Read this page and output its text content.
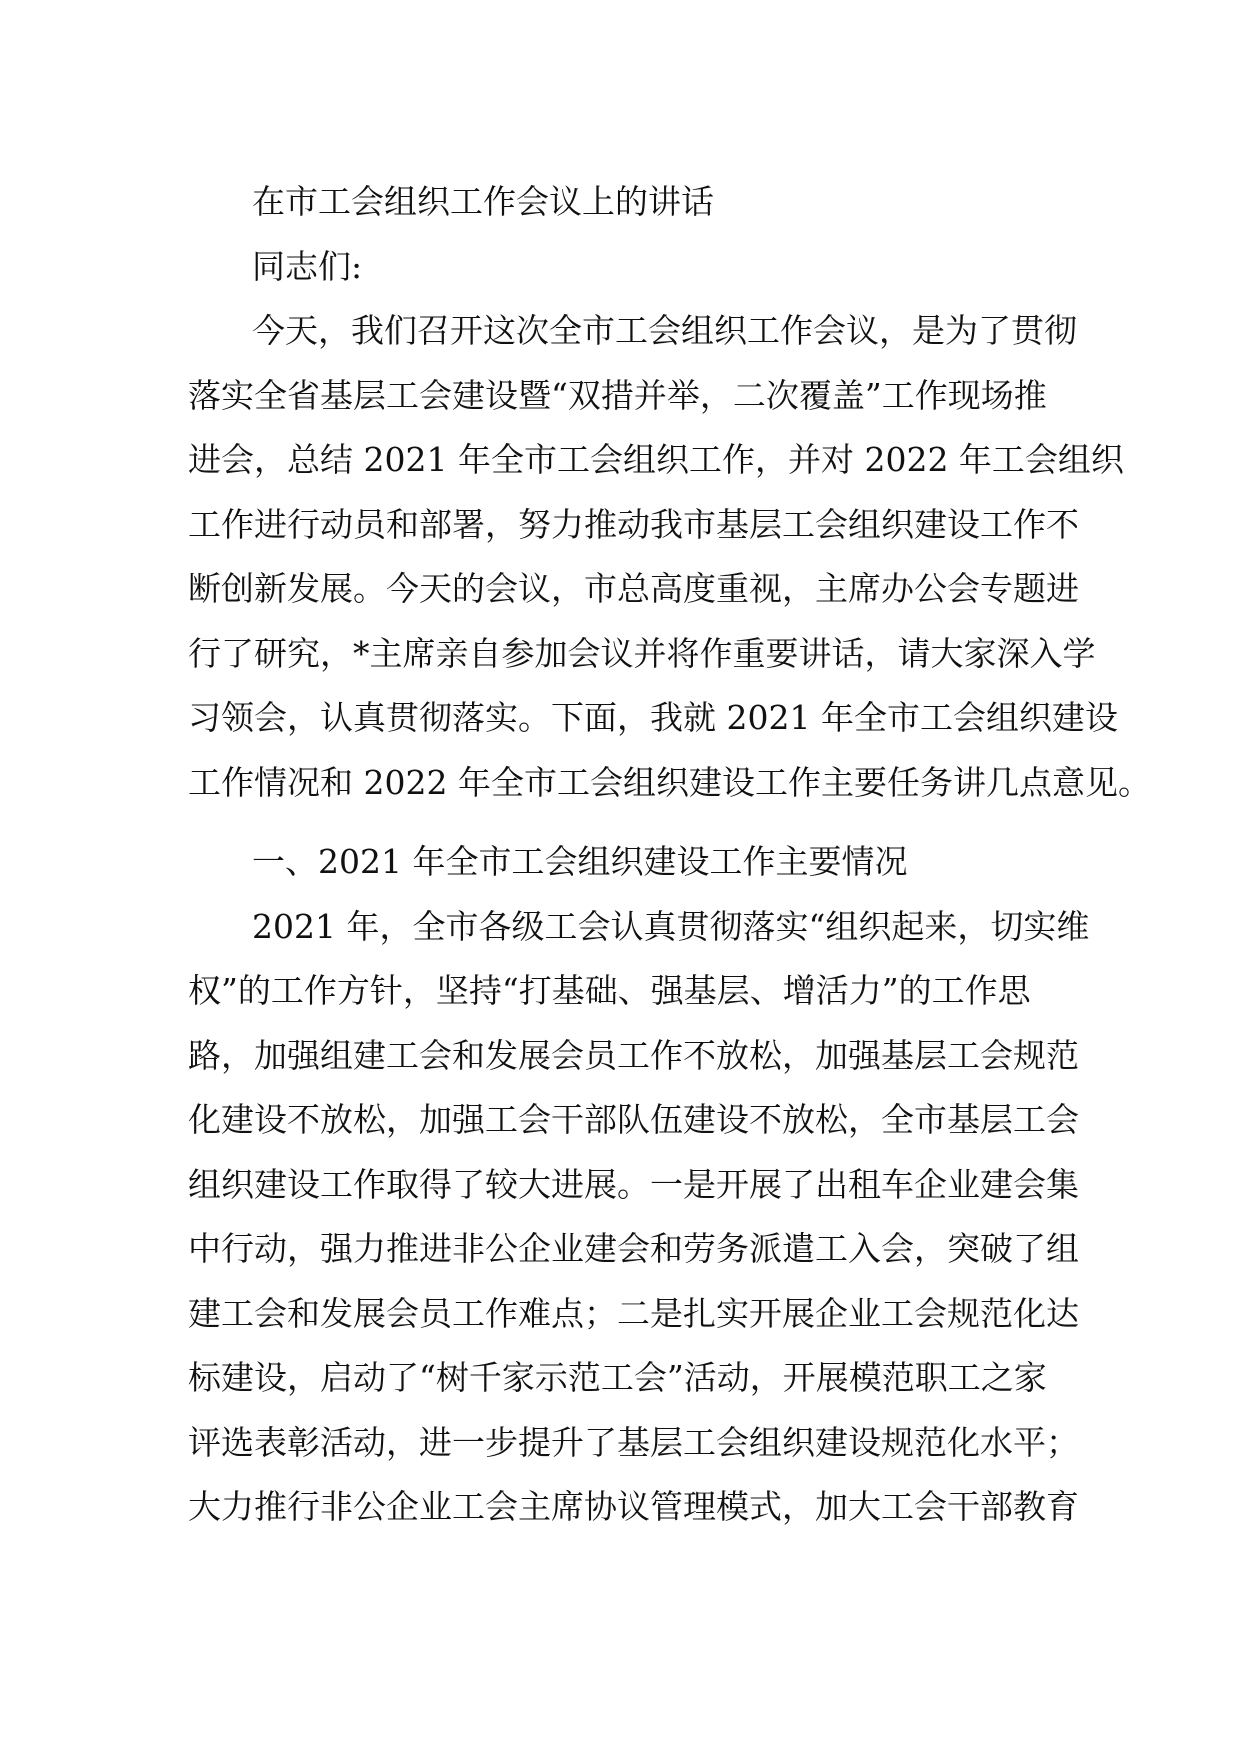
在市工会组织工作会议上的讲话
同志们:
今天，我们召开这次全市工会组织工作会议，是为了贯彻
落实全省基层工会建设暨“双措并举，二次覆盖”工作现场推
进会，总结 2021 年全市工会组织工作，并对 2022 年工会组织
工作进行动员和部署，努力推动我市基层工会组织建设工作不
断创新发展。今天的会议，市总高度重视，主席办公会专题进
行了研究，*主席亲自参加会议并将作重要讲话，请大家深入学
习领会，认真贯彻落实。下面，我就 2021 年全市工会组织建设
工作情况和 2022 年全市工会组织建设工作主要任务讲几点意见。
一、2021 年全市工会组织建设工作主要情况
2021 年，全市各级工会认真贯彻落实“组织起来，切实维
权”的工作方针，坚持“打基础、强基层、增活力”的工作思
路，加强组建工会和发展会员工作不放松，加强基层工会规范
化建设不放松，加强工会干部队伍建设不放松，全市基层工会
组织建设工作取得了较大进展。一是开展了出租车企业建会集
中行动，强力推进非公企业建会和劳务派遣工入会，突破了组
建工会和发展会员工作难点；二是扎实开展企业工会规范化达
标建设，启动了“树千家示范工会”活动，开展模范职工之家
评选表彰活动，进一步提升了基层工会组织建设规范化水平；
大力推行非公企业工会主席协议管理模式，加大工会干部教育
